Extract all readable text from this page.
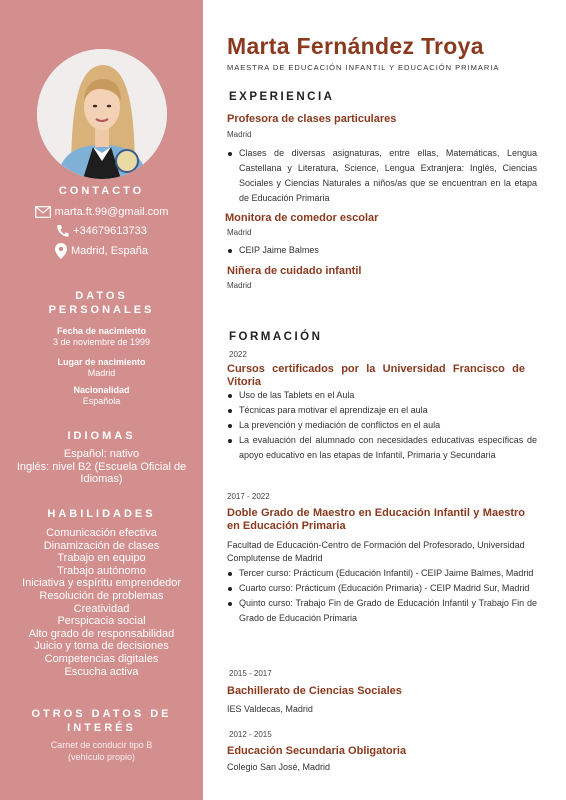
CONTACTO
marta.ft.99@gmail.com
+34679613733
Madrid, España
DATOS
PERSONALES
Fecha de nacimiento
3 de noviembre de 1999
Lugar de nacimiento
Madrid
Nacionalidad
Española
IDIOMAS
Español: nativo
Inglés: nivel B2 (Escuela Oficial de
Idiomas)
HABILIDADES
Comunicación efectiva
Dinamización de clases
Trabajo en equipo
Trabajo autónomo
Iniciativa y espíritu emprendedor
Resolución de problemas
Creatividad
Perspicacia social
Alto grado de responsabilidad
Juicio y toma de decisiones
Competencias digitales
Escucha activa
OTROS DATOS DE
INTERÉS
Carnet de conducir tipo B
(vehículo propio)
Marta Fernández Troya
MAESTRA DE EDUCACIÓN INFANTIL Y EDUCACIÓN PRIMARIA
EXPERIENCIA
Profesora de clases particulares
Madrid
Clases de diversas asignaturas, entre ellas, Matemáticas, Lengua Castellana y Literatura, Science, Lengua Extranjera: Inglés, Ciencias Sociales y Ciencias Naturales a niños/as que se encuentran en la etapa de Educación Primaria
Monitora de comedor escolar
Madrid
CEIP Jaime Balmes
Niñera de cuidado infantil
Madrid
FORMACIÓN
2022
Cursos certificados por la Universidad Francisco de Vitoria
Uso de las Tablets en el Aula
Técnicas para motivar el aprendizaje en el aula
La prevención y mediación de conflictos en el aula
La evaluación del alumnado con necesidades educativas específicas de apoyo educativo en las etapas de Infantil, Primaria y Secundaria
2017 - 2022
Doble Grado de Maestro en Educación Infantil y Maestro en Educación Primaria
Facultad de Educación-Centro de Formación del Profesorado, Universidad Complutense de Madrid
Tercer curso: Prácticum (Educación Infantil) - CEIP Jaime Balmes, Madrid
Cuarto curso: Prácticum (Educación Primaria) - CEIP Madrid Sur, Madrid
Quinto curso: Trabajo Fin de Grado de Educación Infantil y Trabajo Fin de Grado de Educación Primaria
2015 - 2017
Bachillerato de Ciencias Sociales
IES Valdecas, Madrid
2012 - 2015
Educación Secundaria Obligatoria
Colegio San José, Madrid
